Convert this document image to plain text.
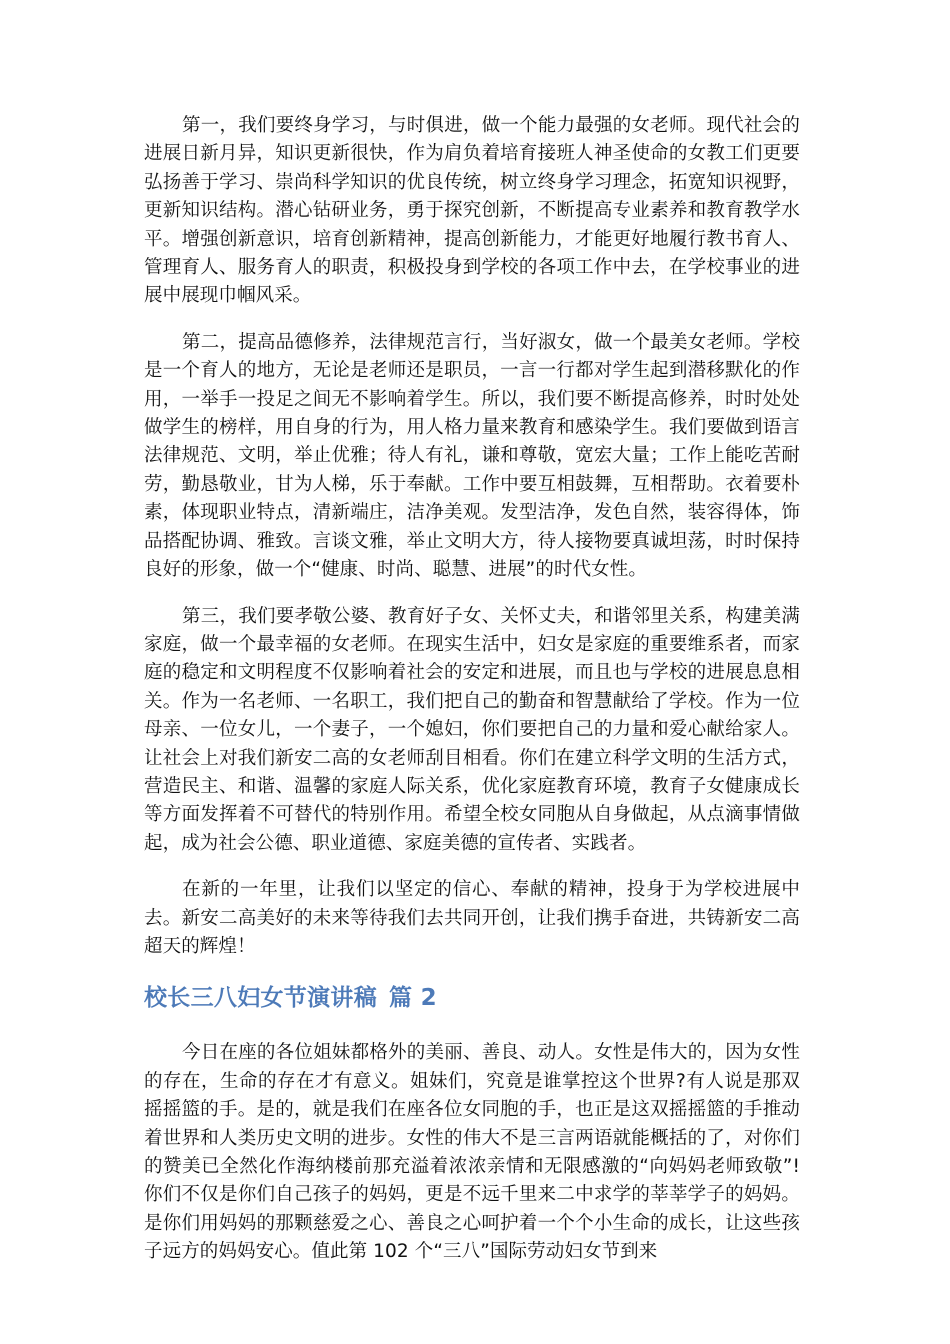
第一，我们要终身学习，与时俱进，做一个能力最强的女老师。现代社会的进展日新月异，知识更新很快，作为肩负着培育接班人神圣使命的女教工们更要弘扬善于学习、崇尚科学知识的优良传统，树立终身学习理念，拓宽知识视野，更新知识结构。潜心钻研业务，勇于探究创新，不断提高专业素养和教育教学水平。增强创新意识，培育创新精神，提高创新能力，才能更好地履行教书育人、管理育人、服务育人的职责，积极投身到学校的各项工作中去，在学校事业的进展中展现巾帼风采。

第二，提高品德修养，法律规范言行，当好淑女，做一个最美女老师。学校是一个育人的地方，无论是老师还是职员，一言一行都对学生起到潜移默化的作用，一举手一投足之间无不影响着学生。所以，我们要不断提高修养，时时处处做学生的榜样，用自身的行为，用人格力量来教育和感染学生。我们要做到语言法律规范、文明，举止优雅；待人有礼，谦和尊敬，宽宏大量；工作上能吃苦耐劳，勤恳敬业，甘为人梯，乐于奉献。工作中要互相鼓舞，互相帮助。衣着要朴素，体现职业特点，清新端庄，洁净美观。发型洁净，发色自然，装容得体，饰品搭配协调、雅致。言谈文雅，举止文明大方，待人接物要真诚坦荡，时时保持良好的形象，做一个“健康、时尚、聪慧、进展”的时代女性。

第三，我们要孝敬公婆、教育好子女、关怀丈夫，和谐邻里关系，构建美满家庭，做一个最幸福的女老师。在现实生活中，妇女是家庭的重要维系者，而家庭的稳定和文明程度不仅影响着社会的安定和进展，而且也与学校的进展息息相关。作为一名老师、一名职工，我们把自己的勤奋和智慧献给了学校。作为一位母亲、一位女儿，一个妻子，一个媳妇，你们要把自己的力量和爱心献给家人。让社会上对我们新安二高的女老师刮目相看。你们在建立科学文明的生活方式，营造民主、和谐、温馨的家庭人际关系，优化家庭教育环境，教育子女健康成长等方面发挥着不可替代的特别作用。希望全校女同胞从自身做起，从点滴事情做起，成为社会公德、职业道德、家庭美德的宣传者、实践者。

在新的一年里，让我们以坚定的信心、奉献的精神，投身于为学校进展中去。新安二高美好的未来等待我们去共同开创，让我们携手奋进，共铸新安二高超天的辉煌！

校长三八妇女节演讲稿 篇 2

今日在座的各位姐妹都格外的美丽、善良、动人。女性是伟大的，因为女性的存在，生命的存在才有意义。姐妹们，究竟是谁掌控这个世界?有人说是那双摇摇篮的手。是的，就是我们在座各位女同胞的手，也正是这双摇摇篮的手推动着世界和人类历史文明的进步。女性的伟大不是三言两语就能概括的了，对你们的赞美已全然化作海纳楼前那充溢着浓浓亲情和无限感激的“向妈妈老师致敬”!你们不仅是你们自己孩子的妈妈，更是不远千里来二中求学的莘莘学子的妈妈。是你们用妈妈的那颗慈爱之心、善良之心呵护着一个个小生命的成长，让这些孩子远方的妈妈安心。值此第 102 个“三八”国际劳动妇女节到来
